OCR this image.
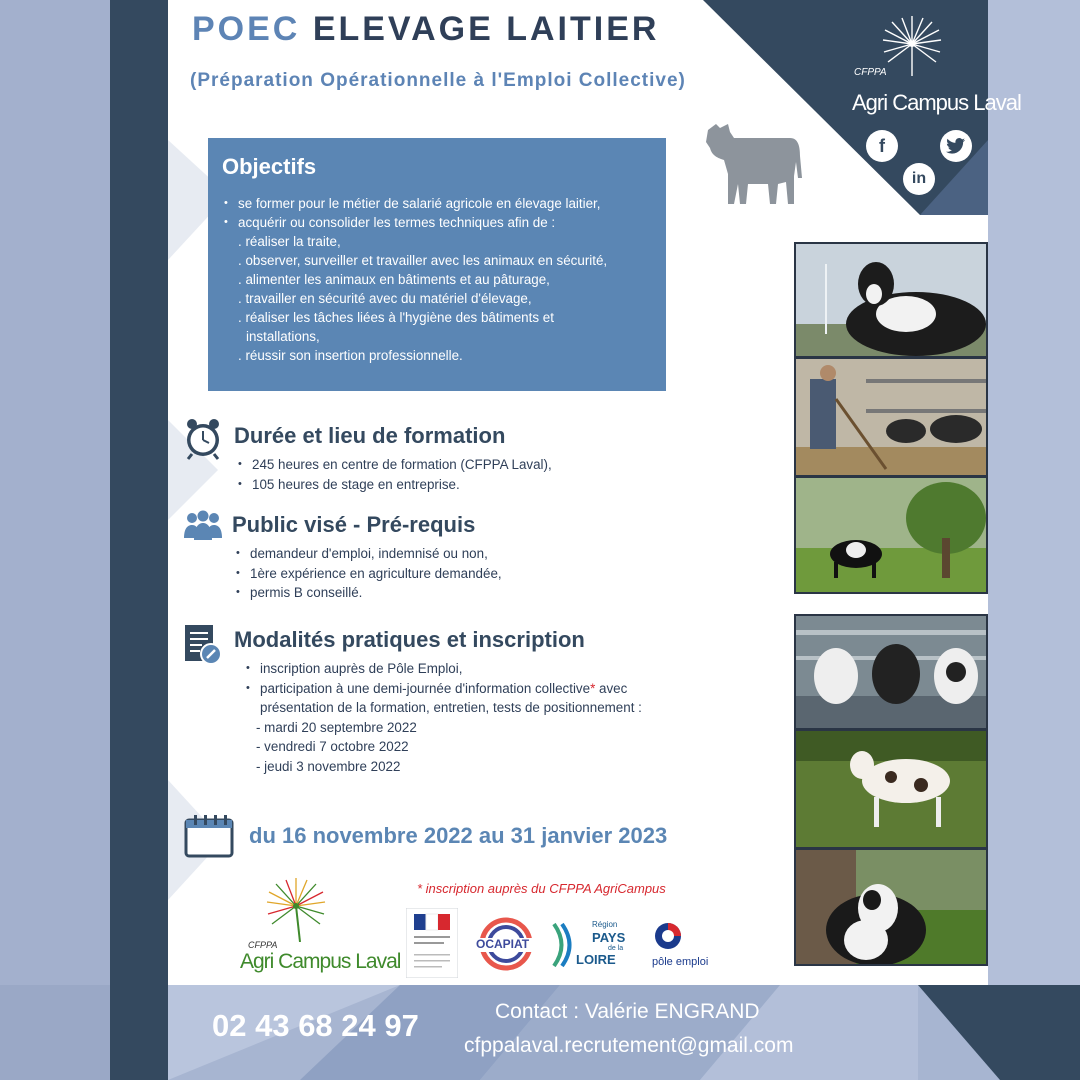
POEC ELEVAGE LAITIER
(Préparation Opérationnelle à l'Emploi Collective)	CFPPA
Agri Campus Laval
f
in
Objectifs
• se former pour le métier de salarié agricole en élevage laitier,
• acquérir ou consolider les termes techniques afin de :
. réaliser la traite,
. observer, surveiller et travailler avec les animaux en sécurité,
. alimenter les animaux en bâtiments et au pâturage,
. travailler en sécurité avec du matériel d'élevage,
. réaliser les tâches liées à l'hygiène des bâtiments et
installations,
. réussir son insertion professionnelle.
Durée et lieu de formation
• 245 heures en centre de formation (CFPPA Laval),
• 105 heures de stage en entreprise.
Public visé - Pré-requis
• demandeur d'emploi, indemnisé ou non,
• 1ère expérience en agriculture demandée,
• permis B conseillé.
Modalités pratiques et inscription
• inscription auprès de Pôle Emploi,
• participation à une demi-journée d'information collective* avec
présentation de la formation, entretien, tests de positionnement :
- mardi 20 septembre 2022
- vendredi 7 octobre 2022
- jeudi 3 novembre 2022
du 16 novembre 2022 au 31 janvier 2023
* inscription auprès du CFPPA AgriCampus
CFPPA
Agri Campus Laval
OCAPIAT
Région
PAYS
de la
LOIRE	pôle emploi
02 43 68 24 97	Contact : Valérie ENGRAND
cfppalaval.recrutement@gmail.com
